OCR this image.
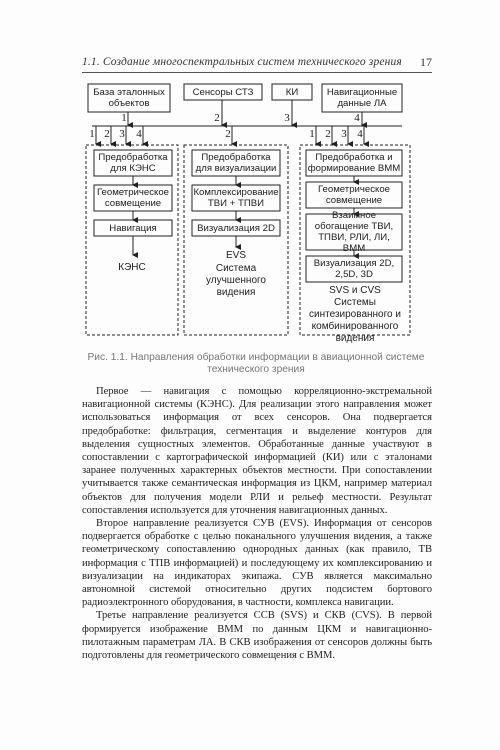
1.1. Создание многоспектральных систем технического зрения 17
База эталонных объектов
Сенсоры СТЗ	КИ	Навигационные данные ЛА
1	2	3	4
1 2 3 4	2	1 2 3 4
Предобработка для КЭНС
Геометрическое совмещение
Навигация
КЭНС
Предобработка для визуализации
Комплексирование ТВИ + ТПВИ
Визуализация 2D
EVS
Система улучшенного видения
Предобработка и формирование ВММ
Геометрическое совмещение
Взаимное обогащение ТВИ, ТПВИ, РЛИ, ЛИ, ВММ
Визуализация 2D, 2,5D, 3D
SVS и CVS
Системы синтезированного и комбинированного видения
Рис. 1.1. Направления обработки информации в авиационной системе технического зрения

Первое — навигация с помощью корреляционно-экстремальной навигационной системы (КЭНС). Для реализации этого направления может использоваться информация от всех сенсоров. Она подвергается предобработке: фильтрация, сегментация и выделение контуров для выделения сущностных элементов. Обработанные данные участвуют в сопоставлении с картографической информацией (КИ) или с эталонами заранее полученных характерных объектов местности. При сопоставлении учитывается также семантическая информация из ЦКМ, например материал объектов для получения модели РЛИ и рельеф местности. Результат сопоставления используется для уточнения навигационных данных.

Второе направление реализуется СУВ (EVS). Информация от сенсоров подвергается обработке с целью поканального улучшения видения, а также геометрическому сопоставлению однородных данных (как правило, ТВ информация с ТПВ информацией) и последующему их комплексированию и визуализации на индикаторах экипажа. СУВ является максимально автономной системой относительно других подсистем бортового радиоэлектронного оборудования, в частности, комплекса навигации.

Третье направление реализуется ССВ (SVS) и СКВ (CVS). В первой формируется изображение ВММ по данным ЦКМ и навигационно-пилотажным параметрам ЛА. В СКВ изображения от сенсоров должны быть подготовлены для геометрического совмещения с ВММ.
